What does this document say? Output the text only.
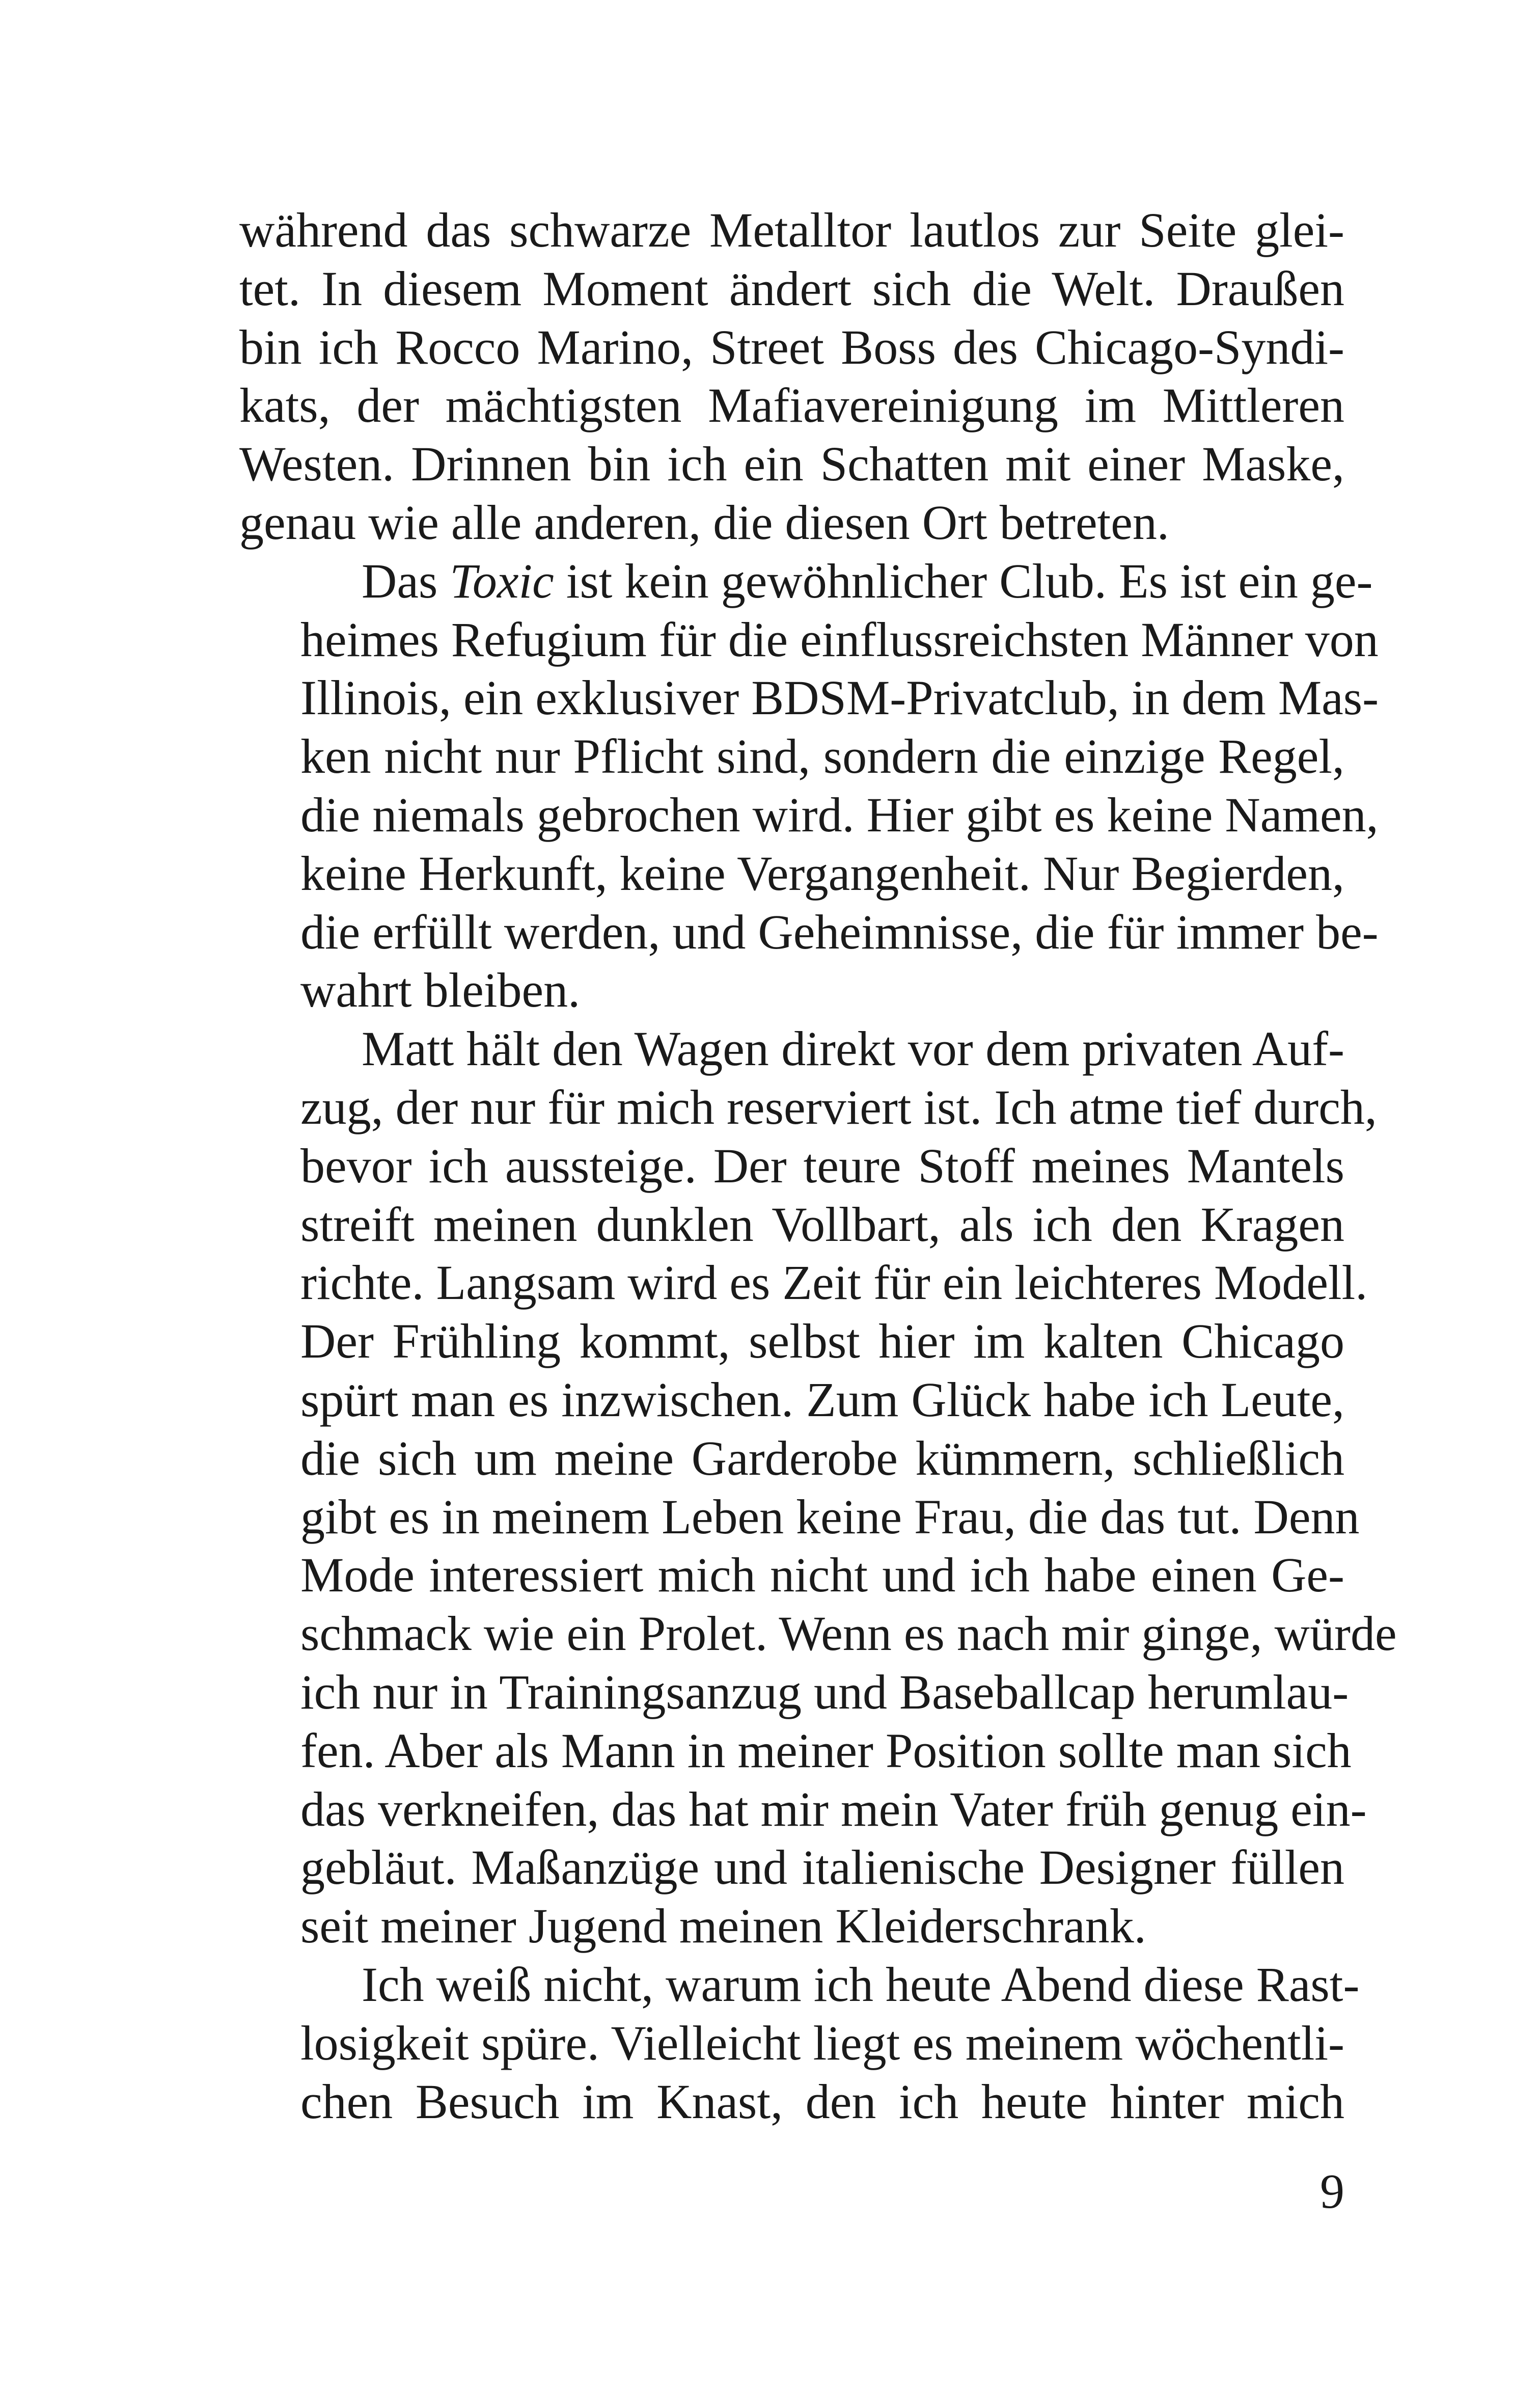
während das schwarze Metalltor lautlos zur Seite glei-
tet. In diesem Moment ändert sich die Welt. Draußen
bin ich Rocco Marino, Street Boss des Chicago-Syndi-
kats, der mächtigsten Mafiavereinigung im Mittleren
Westen. Drinnen bin ich ein Schatten mit einer Maske,
genau wie alle anderen, die diesen Ort betreten.
Das Toxic ist kein gewöhnlicher Club. Es ist ein ge-
heimes Refugium für die einflussreichsten Männer von
Illinois, ein exklusiver BDSM-Privatclub, in dem Mas-
ken nicht nur Pflicht sind, sondern die einzige Regel,
die niemals gebrochen wird. Hier gibt es keine Namen,
keine Herkunft, keine Vergangenheit. Nur Begierden,
die erfüllt werden, und Geheimnisse, die für immer be-
wahrt bleiben.
Matt hält den Wagen direkt vor dem privaten Auf-
zug, der nur für mich reserviert ist. Ich atme tief durch,
bevor ich aussteige. Der teure Stoff meines Mantels
streift meinen dunklen Vollbart, als ich den Kragen
richte. Langsam wird es Zeit für ein leichteres Modell.
Der Frühling kommt, selbst hier im kalten Chicago
spürt man es inzwischen. Zum Glück habe ich Leute,
die sich um meine Garderobe kümmern, schließlich
gibt es in meinem Leben keine Frau, die das tut. Denn
Mode interessiert mich nicht und ich habe einen Ge-
schmack wie ein Prolet. Wenn es nach mir ginge, würde
ich nur in Trainingsanzug und Baseballcap herumlau-
fen. Aber als Mann in meiner Position sollte man sich
das verkneifen, das hat mir mein Vater früh genug ein-
gebläut. Maßanzüge und italienische Designer füllen
seit meiner Jugend meinen Kleiderschrank.
Ich weiß nicht, warum ich heute Abend diese Rast-
losigkeit spüre. Vielleicht liegt es meinem wöchentli-
chen Besuch im Knast, den ich heute hinter mich
9
